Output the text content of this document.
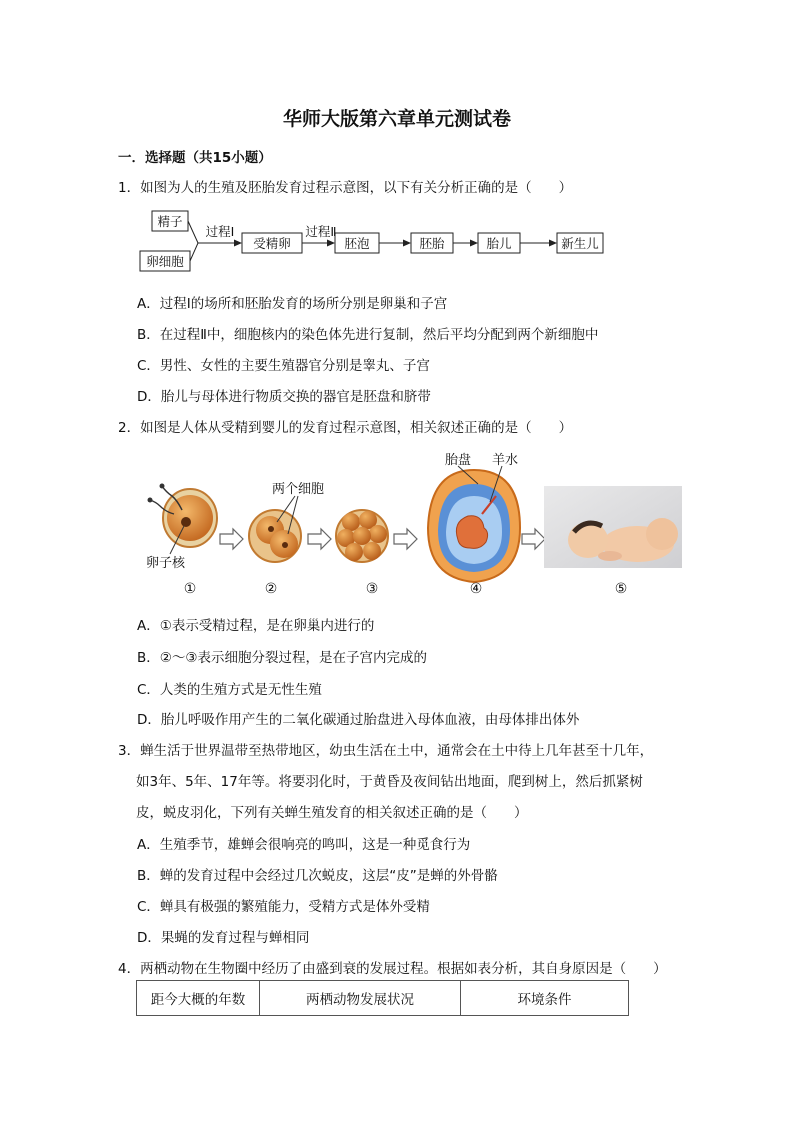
华师大版第六章单元测试卷
一．选择题（共15小题）
1．如图为人的生殖及胚胎发育过程示意图，以下有关分析正确的是（　　）
精子
卵细胞
过程Ⅰ
受精卵
过程Ⅱ
胚泡	胚胎	胎儿	新生儿
A．过程Ⅰ的场所和胚胎发育的场所分别是卵巢和子宫
B．在过程Ⅱ中，细胞核内的染色体先进行复制，然后平均分配到两个新细胞中
C．男性、女性的主要生殖器官分别是睾丸、子宫
D．胎儿与母体进行物质交换的器官是胚盘和脐带
2．如图是人体从受精到婴儿的发育过程示意图，相关叙述正确的是（　　）
两个细胞
卵子核
胎盘 羊水
①	②	③	④	⑤
A．①表示受精过程，是在卵巢内进行的
B．②～③表示细胞分裂过程，是在子宫内完成的
C．人类的生殖方式是无性生殖
D．胎儿呼吸作用产生的二氧化碳通过胎盘进入母体血液，由母体排出体外
3．蝉生活于世界温带至热带地区，幼虫生活在土中，通常会在土中待上几年甚至十几年，
如3年、5年、17年等。将要羽化时，于黄昏及夜间钻出地面，爬到树上，然后抓紧树
皮，蜕皮羽化，下列有关蝉生殖发育的相关叙述正确的是（　　）
A．生殖季节，雄蝉会很响亮的鸣叫，这是一种觅食行为
B．蝉的发育过程中会经过几次蜕皮，这层“皮”是蝉的外骨骼
C．蝉具有极强的繁殖能力，受精方式是体外受精
D．果蝇的发育过程与蝉相同
4．两栖动物在生物圈中经历了由盛到衰的发展过程。根据如表分析，其自身原因是（　　）
距今大概的年数	两栖动物发展状况	环境条件
